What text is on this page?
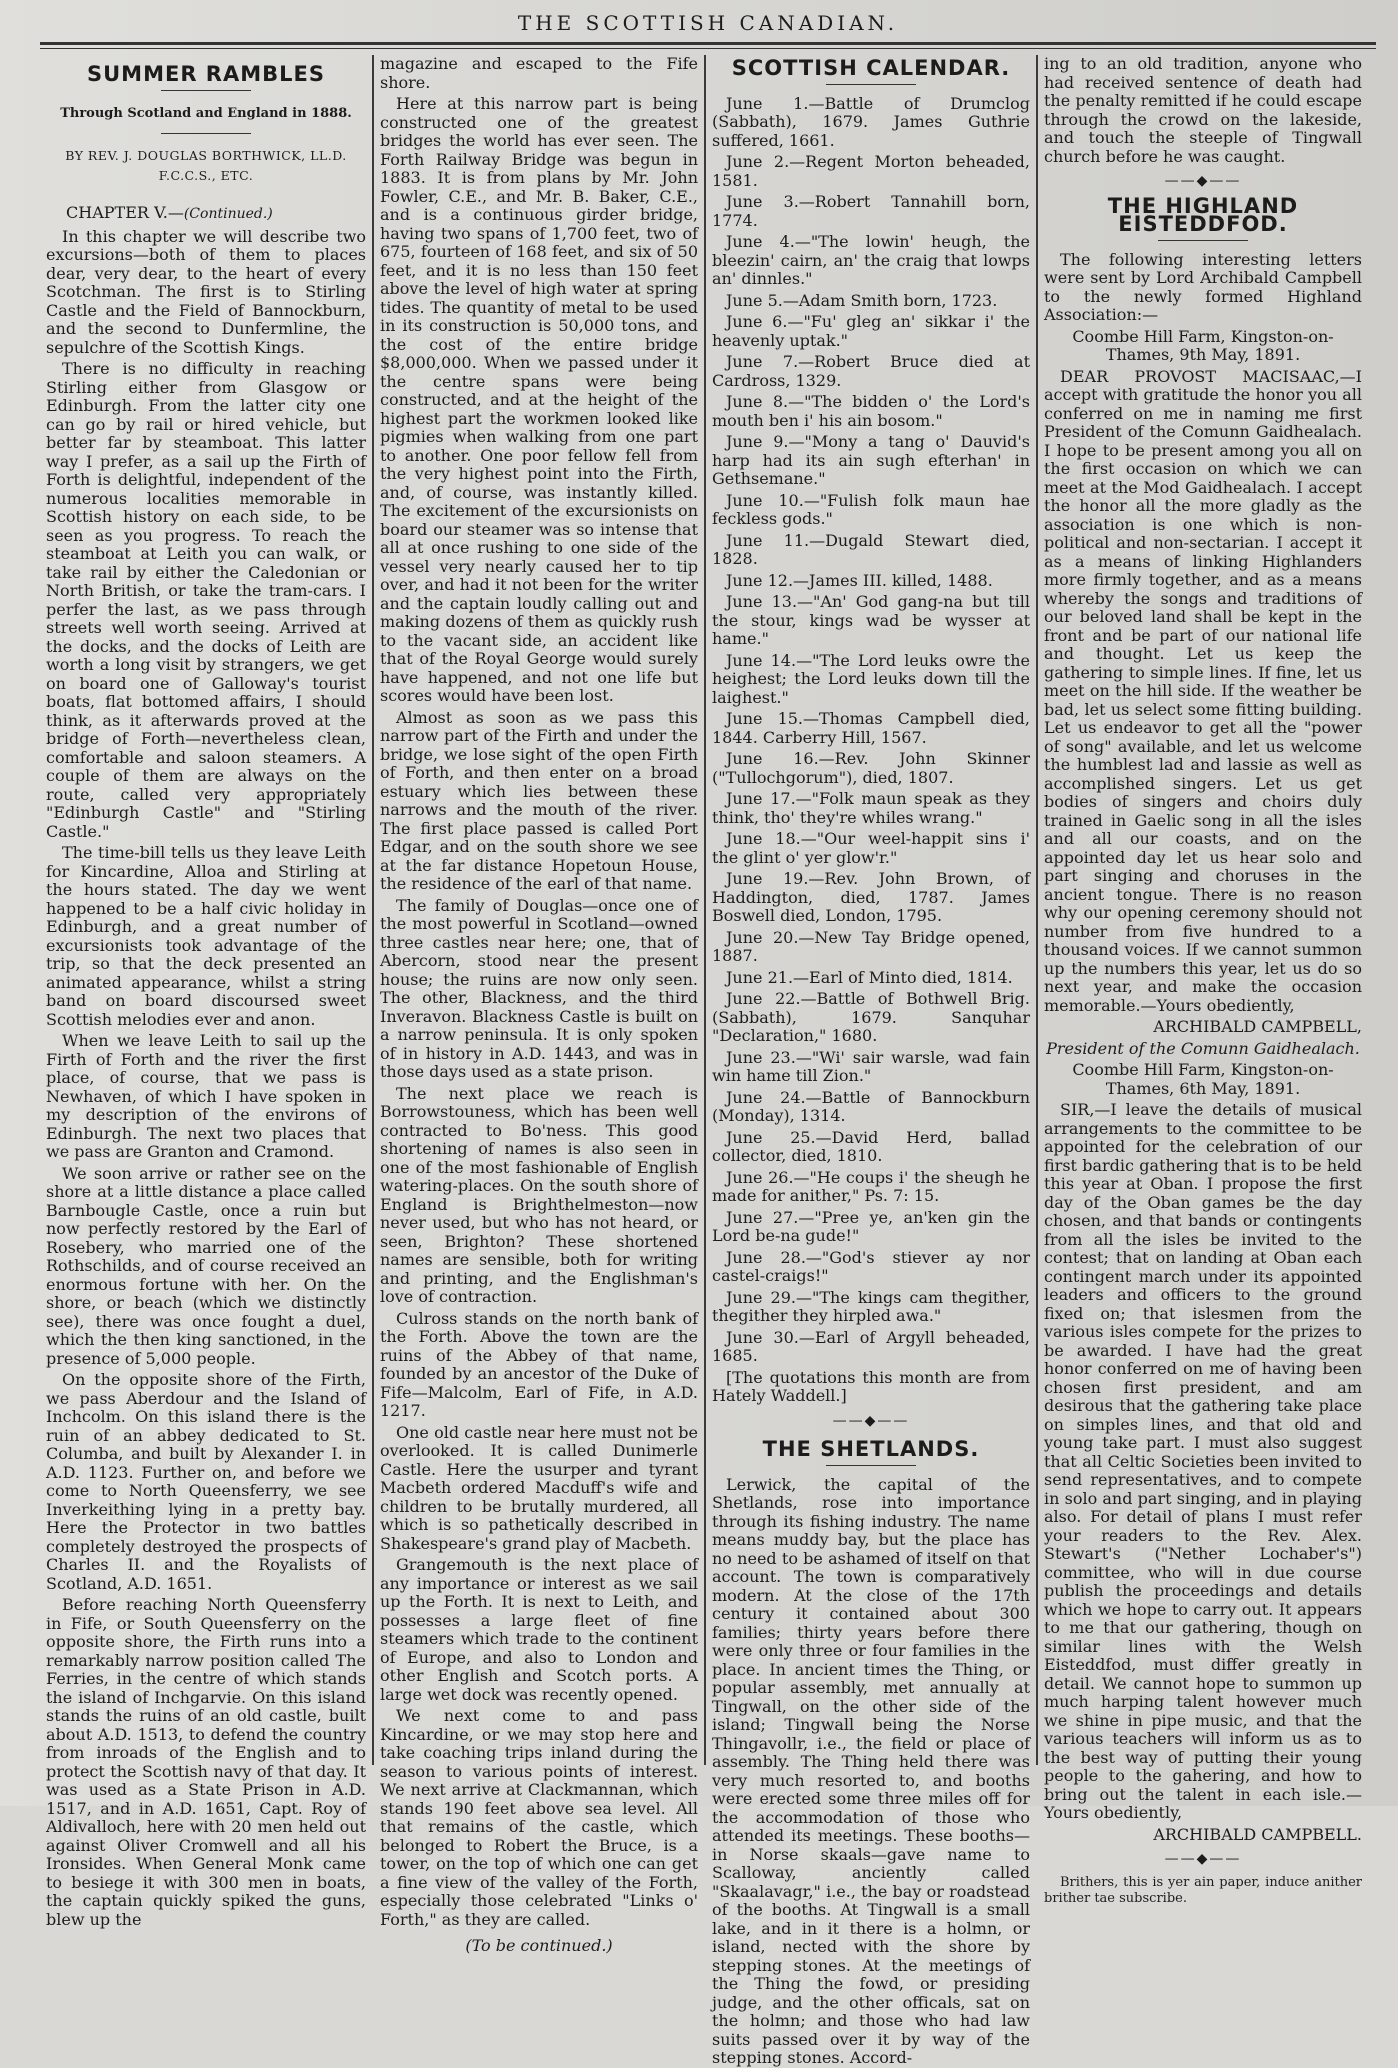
THE SCOTTISH CANADIAN.
SUMMER RAMBLES
Through Scotland and England in 1888.
BY REV. J. DOUGLAS BORTHWICK, LL.D.
F.C.C.S., ETC.
CHAPTER V.—(Continued.)

In this chapter we will describe two excursions—both of them to places dear, very dear, to the heart of every Scotchman. The first is to Stirling Castle and the Field of Bannockburn, and the second to Dunfermline, the sepulchre of the Scottish Kings.

There is no difficulty in reaching Stirling either from Glasgow or Edinburgh. From the latter city one can go by rail or hired vehicle, but better far by steamboat. This latter way I prefer, as a sail up the Firth of Forth is delightful, independent of the numerous localities memorable in Scottish history on each side, to be seen as you progress. To reach the steamboat at Leith you can walk, or take rail by either the Caledonian or North British, or take the tram-cars. I perfer the last, as we pass through streets well worth seeing. Arrived at the docks, and the docks of Leith are worth a long visit by strangers, we get on board one of Galloway's tourist boats, flat bottomed affairs, I should think, as it afterwards proved at the bridge of Forth—nevertheless clean, comfortable and saloon steamers. A couple of them are always on the route, called very appropriately "Edinburgh Castle" and "Stirling Castle."

The time-bill tells us they leave Leith for Kincardine, Alloa and Stirling at the hours stated. The day we went happened to be a half civic holiday in Edinburgh, and a great number of excursionists took advantage of the trip, so that the deck presented an animated appearance, whilst a string band on board discoursed sweet Scottish melodies ever and anon.

When we leave Leith to sail up the Firth of Forth and the river the first place, of course, that we pass is Newhaven, of which I have spoken in my description of the environs of Edinburgh. The next two places that we pass are Granton and Cramond.

We soon arrive or rather see on the shore at a little distance a place called Barnbougle Castle, once a ruin but now perfectly restored by the Earl of Rosebery, who married one of the Rothschilds, and of course received an enormous fortune with her. On the shore, or beach (which we distinctly see), there was once fought a duel, which the then king sanctioned, in the presence of 5,000 people.

On the opposite shore of the Firth, we pass Aberdour and the Island of Inchcolm. On this island there is the ruin of an abbey dedicated to St. Columba, and built by Alexander I. in A.D. 1123. Further on, and before we come to North Queensferry, we see Inverkeithing lying in a pretty bay. Here the Protector in two battles completely destroyed the prospects of Charles II. and the Royalists of Scotland, A.D. 1651.

Before reaching North Queensferry in Fife, or South Queensferry on the opposite shore, the Firth runs into a remarkably narrow position called The Ferries, in the centre of which stands the island of Inchgarvie. On this island stands the ruins of an old castle, built about A.D. 1513, to defend the country from inroads of the English and to protect the Scottish navy of that day. It was used as a State Prison in A.D. 1517, and in A.D. 1651, Capt. Roy of Aldivalloch, here with 20 men held out against Oliver Cromwell and all his Ironsides. When General Monk came to besiege it with 300 men in boats, the captain quickly spiked the guns, blew up the

magazine and escaped to the Fife shore.

Here at this narrow part is being constructed one of the greatest bridges the world has ever seen. The Forth Railway Bridge was begun in 1883. It is from plans by Mr. John Fowler, C.E., and Mr. B. Baker, C.E., and is a continuous girder bridge, having two spans of 1,700 feet, two of 675, fourteen of 168 feet, and six of 50 feet, and it is no less than 150 feet above the level of high water at spring tides. The quantity of metal to be used in its construction is 50,000 tons, and the cost of the entire bridge $8,000,000. When we passed under it the centre spans were being constructed, and at the height of the highest part the workmen looked like pigmies when walking from one part to another. One poor fellow fell from the very highest point into the Firth, and, of course, was instantly killed. The excitement of the excursionists on board our steamer was so intense that all at once rushing to one side of the vessel very nearly caused her to tip over, and had it not been for the writer and the captain loudly calling out and making dozens of them as quickly rush to the vacant side, an accident like that of the Royal George would surely have happened, and not one life but scores would have been lost.

Almost as soon as we pass this narrow part of the Firth and under the bridge, we lose sight of the open Firth of Forth, and then enter on a broad estuary which lies between these narrows and the mouth of the river. The first place passed is called Port Edgar, and on the south shore we see at the far distance Hopetoun House, the residence of the earl of that name.

The family of Douglas—once one of the most powerful in Scotland—owned three castles near here; one, that of Abercorn, stood near the present house; the ruins are now only seen. The other, Blackness, and the third Inveravon. Blackness Castle is built on a narrow peninsula. It is only spoken of in history in A.D. 1443, and was in those days used as a state prison.

The next place we reach is Borrowstouness, which has been well contracted to Bo'ness. This good shortening of names is also seen in one of the most fashionable of English watering-places. On the south shore of England is Brighthelmeston—now never used, but who has not heard, or seen, Brighton? These shortened names are sensible, both for writing and printing, and the Englishman's love of contraction.

Culross stands on the north bank of the Forth. Above the town are the ruins of the Abbey of that name, founded by an ancestor of the Duke of Fife—Malcolm, Earl of Fife, in A.D. 1217.

One old castle near here must not be overlooked. It is called Dunimerle Castle. Here the usurper and tyrant Macbeth ordered Macduff's wife and children to be brutally murdered, all which is so pathetically described in Shakespeare's grand play of Macbeth.

Grangemouth is the next place of any importance or interest as we sail up the Forth. It is next to Leith, and possesses a large fleet of fine steamers which trade to the continent of Europe, and also to London and other English and Scotch ports. A large wet dock was recently opened.

We next come to and pass Kincardine, or we may stop here and take coaching trips inland during the season to various points of interest. We next arrive at Clackmannan, which stands 190 feet above sea level. All that remains of the castle, which belonged to Robert the Bruce, is a tower, on the top of which one can get a fine view of the valley of the Forth, especially those celebrated "Links o' Forth," as they are called.

(To be continued.)

SCOTTISH CALENDAR.

June 1.—Battle of Drumclog (Sabbath), 1679. James Guthrie suffered, 1661.

June 2.—Regent Morton beheaded, 1581.

June 3.—Robert Tannahill born, 1774.

June 4.—"The lowin' heugh, the bleezin' cairn, an' the craig that lowps an' dinnles."

June 5.—Adam Smith born, 1723.

June 6.—"Fu' gleg an' sikkar i' the heavenly uptak."

June 7.—Robert Bruce died at Cardross, 1329.

June 8.—"The bidden o' the Lord's mouth ben i' his ain bosom."

June 9.—"Mony a tang o' Dauvid's harp had its ain sugh efterhan' in Gethsemane."

June 10.—"Fulish folk maun hae feckless gods."

June 11.—Dugald Stewart died, 1828.

June 12.—James III. killed, 1488.

June 13.—"An' God gang-na but till the stour, kings wad be wysser at hame."

June 14.—"The Lord leuks owre the heighest; the Lord leuks down till the laighest."

June 15.—Thomas Campbell died, 1844. Carberry Hill, 1567.

June 16.—Rev. John Skinner ("Tullochgorum"), died, 1807.

June 17.—"Folk maun speak as they think, tho' they're whiles wrang."

June 18.—"Our weel-happit sins i' the glint o' yer glow'r."

June 19.—Rev. John Brown, of Haddington, died, 1787. James Boswell died, London, 1795.

June 20.—New Tay Bridge opened, 1887.

June 21.—Earl of Minto died, 1814.

June 22.—Battle of Bothwell Brig. (Sabbath), 1679. Sanquhar "Declaration," 1680.

June 23.—"Wi' sair warsle, wad fain win hame till Zion."

June 24.—Battle of Bannockburn (Monday), 1314.

June 25.—David Herd, ballad collector, died, 1810.

June 26.—"He coups i' the sheugh he made for anither," Ps. 7: 15.

June 27.—"Pree ye, an'ken gin the Lord be-na gude!"

June 28.—"God's stiever ay nor castel-craigs!"

June 29.—"The kings cam thegither, thegither they hirpled awa."

June 30.—Earl of Argyll beheaded, 1685.

[The quotations this month are from Hately Waddell.]

——◆——
THE SHETLANDS.

Lerwick, the capital of the Shetlands, rose into importance through its fishing industry. The name means muddy bay, but the place has no need to be ashamed of itself on that account. The town is comparatively modern. At the close of the 17th century it contained about 300 families; thirty years before there were only three or four families in the place. In ancient times the Thing, or popular assembly, met annually at Tingwall, on the other side of the island; Tingwall being the Norse Thingavollr, i.e., the field or place of assembly. The Thing held there was very much resorted to, and booths were erected some three miles off for the accommodation of those who attended its meetings. These booths—in Norse skaals—gave name to Scalloway, anciently called "Skaalavagr," i.e., the bay or roadstead of the booths. At Tingwall is a small lake, and in it there is a holmn, or island, nected with the shore by stepping stones. At the meetings of the Thing the fowd, or presiding judge, and the other officals, sat on the holmn; and those who had law suits passed over it by way of the stepping stones. Accord-

ing to an old tradition, anyone who had received sentence of death had the penalty remitted if he could escape through the crowd on the lakeside, and touch the steeple of Tingwall church before he was caught.

——◆——
THE HIGHLAND EISTEDDFOD.

The following interesting letters were sent by Lord Archibald Campbell to the newly formed Highland Association:—

Coombe Hill Farm, Kingston-on-Thames, 9th May, 1891.

DEAR PROVOST MACISAAC,—I accept with gratitude the honor you all conferred on me in naming me first President of the Comunn Gaidhealach. I hope to be present among you all on the first occasion on which we can meet at the Mod Gaidhealach. I accept the honor all the more gladly as the association is one which is non-political and non-sectarian. I accept it as a means of linking Highlanders more firmly together, and as a means whereby the songs and traditions of our beloved land shall be kept in the front and be part of our national life and thought. Let us keep the gathering to simple lines. If fine, let us meet on the hill side. If the weather be bad, let us select some fitting building. Let us endeavor to get all the "power of song" available, and let us welcome the humblest lad and lassie as well as accomplished singers. Let us get bodies of singers and choirs duly trained in Gaelic song in all the isles and all our coasts, and on the appointed day let us hear solo and part singing and choruses in the ancient tongue. There is no reason why our opening ceremony should not number from five hundred to a thousand voices. If we cannot summon up the numbers this year, let us do so next year, and make the occasion memorable.—Yours obediently,

ARCHIBALD CAMPBELL,

President of the Comunn Gaidhealach.

Coombe Hill Farm, Kingston-on-Thames, 6th May, 1891.

SIR,—I leave the details of musical arrangements to the committee to be appointed for the celebration of our first bardic gathering that is to be held this year at Oban. I propose the first day of the Oban games be the day chosen, and that bands or contingents from all the isles be invited to the contest; that on landing at Oban each contingent march under its appointed leaders and officers to the ground fixed on; that islesmen from the various isles compete for the prizes to be awarded. I have had the great honor conferred on me of having been chosen first president, and am desirous that the gathering take place on simples lines, and that old and young take part. I must also suggest that all Celtic Societies been invited to send representatives, and to compete in solo and part singing, and in playing also. For detail of plans I must refer your readers to the Rev. Alex. Stewart's ("Nether Lochaber's") committee, who will in due course publish the proceedings and details which we hope to carry out. It appears to me that our gathering, though on similar lines with the Welsh Eisteddfod, must differ greatly in detail. We cannot hope to summon up much harping talent however much we shine in pipe music, and that the various teachers will inform us as to the best way of putting their young people to the gahering, and how to bring out the talent in each isle.—Yours obediently,

ARCHIBALD CAMPBELL.

——◆——

Brithers, this is yer ain paper, induce anither brither tae subscribe.
